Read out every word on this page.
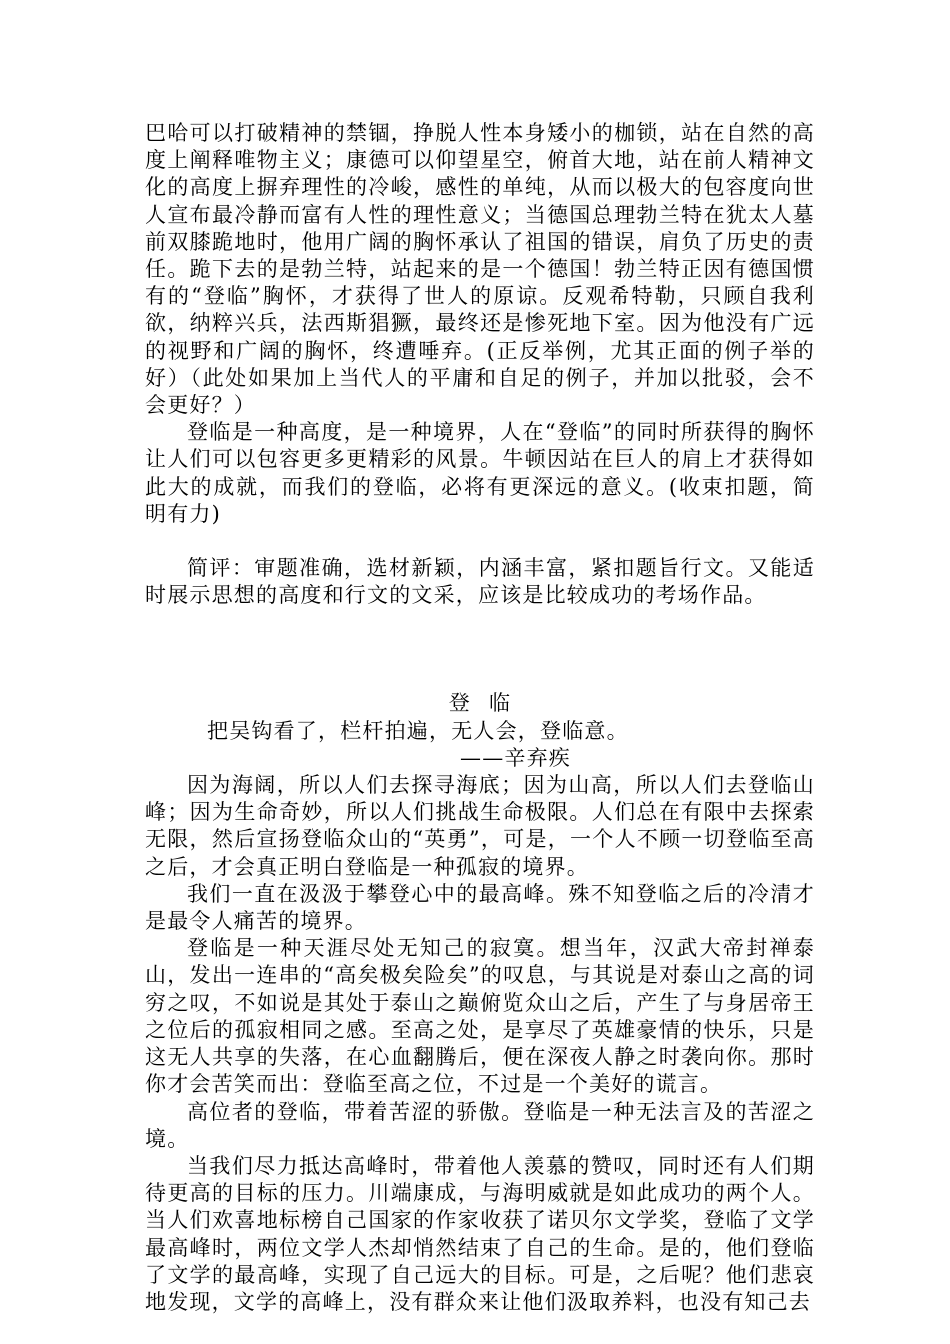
巴哈可以打破精神的禁锢，挣脱人性本身矮小的枷锁，站在自然的高度上阐释唯物主义；康德可以仰望星空，俯首大地，站在前人精神文化的高度上摒弃理性的冷峻，感性的单纯，从而以极大的包容度向世人宣布最冷静而富有人性的理性意义；当德国总理勃兰特在犹太人墓前双膝跪地时，他用广阔的胸怀承认了祖国的错误，肩负了历史的责任。跪下去的是勃兰特，站起来的是一个德国！勃兰特正因有德国惯有的“登临”胸怀，才获得了世人的原谅。反观希特勒，只顾自我利欲，纳粹兴兵，法西斯猖獗，最终还是惨死地下室。因为他没有广远的视野和广阔的胸怀，终遭唾弃。(正反举例，尤其正面的例子举的好）（此处如果加上当代人的平庸和自足的例子，并加以批驳，会不会更好？）

登临是一种高度，是一种境界，人在“登临”的同时所获得的胸怀让人们可以包容更多更精彩的风景。牛顿因站在巨人的肩上才获得如此大的成就，而我们的登临，必将有更深远的意义。(收束扣题，简明有力)

简评：审题准确，选材新颖，内涵丰富，紧扣题旨行文。又能适时展示思想的高度和行文的文采，应该是比较成功的考场作品。

登 临
把吴钩看了，栏杆拍遍，无人会，登临意。
——辛弃疾

因为海阔，所以人们去探寻海底；因为山高，所以人们去登临山峰；因为生命奇妙，所以人们挑战生命极限。人们总在有限中去探索无限，然后宣扬登临众山的“英勇”，可是，一个人不顾一切登临至高之后，才会真正明白登临是一种孤寂的境界。

我们一直在汲汲于攀登心中的最高峰。殊不知登临之后的冷清才是最令人痛苦的境界。

登临是一种天涯尽处无知己的寂寞。想当年，汉武大帝封禅泰山，发出一连串的“高矣极矣险矣”的叹息，与其说是对泰山之高的词穷之叹，不如说是其处于泰山之巅俯览众山之后，产生了与身居帝王之位后的孤寂相同之感。至高之处，是享尽了英雄豪情的快乐，只是这无人共享的失落，在心血翻腾后，便在深夜人静之时袭向你。那时你才会苦笑而出：登临至高之位，不过是一个美好的谎言。

高位者的登临，带着苦涩的骄傲。登临是一种无法言及的苦涩之境。

当我们尽力抵达高峰时，带着他人羡慕的赞叹，同时还有人们期待更高的目标的压力。川端康成，与海明威就是如此成功的两个人。当人们欢喜地标榜自己国家的作家收获了诺贝尔文学奖，登临了文学最高峰时，两位文学人杰却悄然结束了自己的生命。是的，他们登临了文学的最高峰，实现了自己远大的目标。可是，之后呢？他们悲哀地发现，文学的高峰上，没有群众来让他们汲取养料，也没有知己去
